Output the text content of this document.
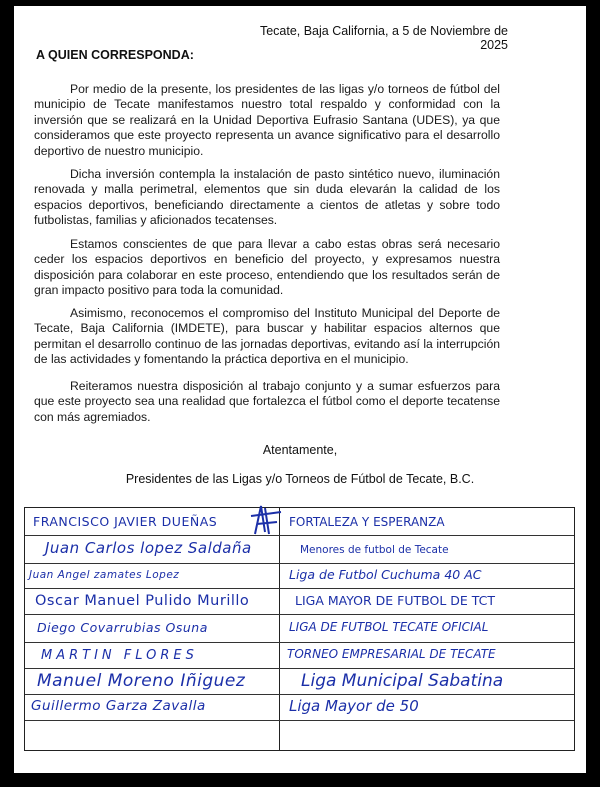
Tecate, Baja California, a 5 de Noviembre de 2025
A QUIEN CORRESPONDA:

Por medio de la presente, los presidentes de las ligas y/o torneos de fútbol del municipio de Tecate manifestamos nuestro total respaldo y conformidad con la inversión que se realizará en la Unidad Deportiva Eufrasio Santana (UDES), ya que consideramos que este proyecto representa un avance significativo para el desarrollo deportivo de nuestro municipio.

Dicha inversión contempla la instalación de pasto sintético nuevo, iluminación renovada y malla perimetral, elementos que sin duda elevarán la calidad de los espacios deportivos, beneficiando directamente a cientos de atletas y sobre todo futbolistas, familias y aficionados tecatenses.

Estamos conscientes de que para llevar a cabo estas obras será necesario ceder los espacios deportivos en beneficio del proyecto, y expresamos nuestra disposición para colaborar en este proceso, entendiendo que los resultados serán de gran impacto positivo para toda la comunidad.

Asimismo, reconocemos el compromiso del Instituto Municipal del Deporte de Tecate, Baja California (IMDETE), para buscar y habilitar espacios alternos que permitan el desarrollo continuo de las jornadas deportivas, evitando así la interrupción de las actividades y fomentando la práctica deportiva en el municipio.

Reiteramos nuestra disposición al trabajo conjunto y a sumar esfuerzos para que este proyecto sea una realidad que fortalezca el fútbol como el deporte tecatense con más agremiados.

Atentamente,
Presidentes de las Ligas y/o Torneos de Fútbol de Tecate, B.C.
FRANCISCO JAVIER DUEÑAS	FORTALEZA Y ESPERANZA
Juan Carlos lopez Saldaña	Menores de futbol de Tecate
Juan Angel zamates Lopez	Liga de Futbol Cuchuma 40 AC
Oscar Manuel Pulido Murillo	LIGA MAYOR DE FUTBOL DE TCT
Diego Covarrubias Osuna	LIGA DE FUTBOL TECATE OFICIAL
MARTIN FLORES	TORNEO EMPRESARIAL DE TECATE
Manuel Moreno Iñiguez	Liga Municipal Sabatina
Guillermo Garza Zavalla	Liga Mayor de 50
